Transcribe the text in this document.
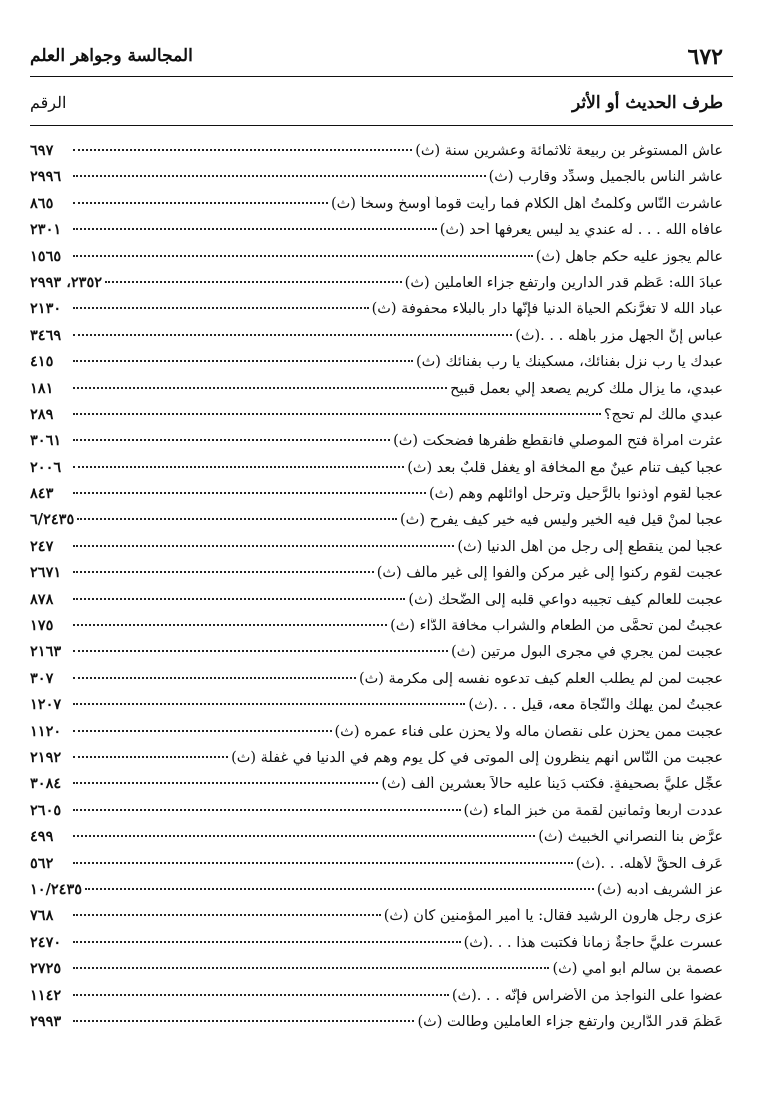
٦٧٢
المجالسة وجواهر العلم
طرف الحديث أو الأثر
الرقم
عاش المستوغر بن ربيعة ثلاثمائة وعشرين سنة (ث)
٦٩٧
عاشر الناس بالجميل وسدِّد وقارب (ث)
٢٩٩٦
عاشرت النَّاس وكلَّمتُ أهل الكلام فما رأيت قوماً أوسخ وسخاً (ث)
٨٦٥
عافاه الله . . . له عندي يد ليس يعرفها أحد (ث)
٢٣٠١
عالم يجوز عليه حكم جاهل (ث)
١٥٦٥
عبادَ الله: عَظَّم قدر الدارين وارتفع جزاء العاملين (ث)
٢٣٥٢، ٢٩٩٣
عباد الله لا تغرَّنكم الحياة الدنيا فإنَّها دار بالبلاء محفوفة (ث)
٢١٣٠
عباس إنَّ الجهل مزرٍ بأهله . . .(ث)
٣٤٦٩
عبدك يا رب نزل بفنائك، مسكينك يا رب بفنائك (ث)
٤١٥
عبدي، ما يزال ملك كريم يصعد إلي بعمل قبيح
١٨١
عبدي مالك لم تحج؟
٢٨٩
عثرت امرأة فتح الموصلي فانقطع ظفرها فضحكت (ث)
٣٠٦١
عجباً كيف تنام عينٌ مع المخافة أو يغفل قلبٌ بعد (ث)
٢٠٠٦
عجباً لقوم أوذنوا بالرَّحيل وترحل أوائلهم وهم (ث)
٨٤٣
عجباً لمنْ قيل فيه الخير وليس فيه خير كيف يفرح (ث)
٦/٢٤٣٥
عجباً لمن ينقطع إلى رجل من أهل الدنيا (ث)
٢٤٧
عجبت لقوم ركنوا إلى غير مركن وألفوا إلى غير مألف (ث)
٢٦٧١
عجبت للعالم كيف تجيبه دواعي قلبه إلى الضَّحك (ث)
٨٧٨
عجبتُ لمن تحمَّى من الطعام والشراب مخافة الدَّاء (ث)
١٧٥
عجبت لمن يجري في مجرى البول مرتين (ث)
٢١٦٣
عجبت لمن لم يطلب العلم كيف تدعوه نفسه إلى مكرمة (ث)
٣٠٧
عجبتُ لمن يهلك والنَّجاة معه، قيل . . .(ث)
١٢٠٧
عجبت ممن يحزن على نقصان ماله ولا يحزن على فناء عمره (ث)
١١٢٠
عجبت من النَّاس أنهم ينظرون إلى الموتى في كل يوم وهم في الدنيا في غفلة (ث)
٢١٩٢
عجِّل عليَّ بصحيفةٍ. فكتب دَيناً عليه حالاً بعشرين ألف (ث)
٣٠٨٤
عددت أربعاً وثمانين لقمة من خبز الماء (ث)
٢٦٠٥
عرَّض بنا النصراني الخبيث (ث)
٤٩٩
عَرف الحقَّ لأهله. . .(ث)
٥٦٢
عز الشريف أدبه (ث)
١٠/٢٤٣٥
عزى رجل هارون الرشيد فقال: يا أمير المؤمنين كان (ث)
٧٦٨
عسرت عليَّ حاجةٌ زماناً فكتبت هذا . . .(ث)
٢٤٧٠
عصمة بن سالم أبو أمي (ث)
٢٧٢٥
عضوا على النواجذ من الأضراس فإنَّه . . .(ث)
١١٤٢
عَظُمَ قدر الدَّارين وارتفع جزاء العاملين وطالت (ث)
٢٩٩٣
